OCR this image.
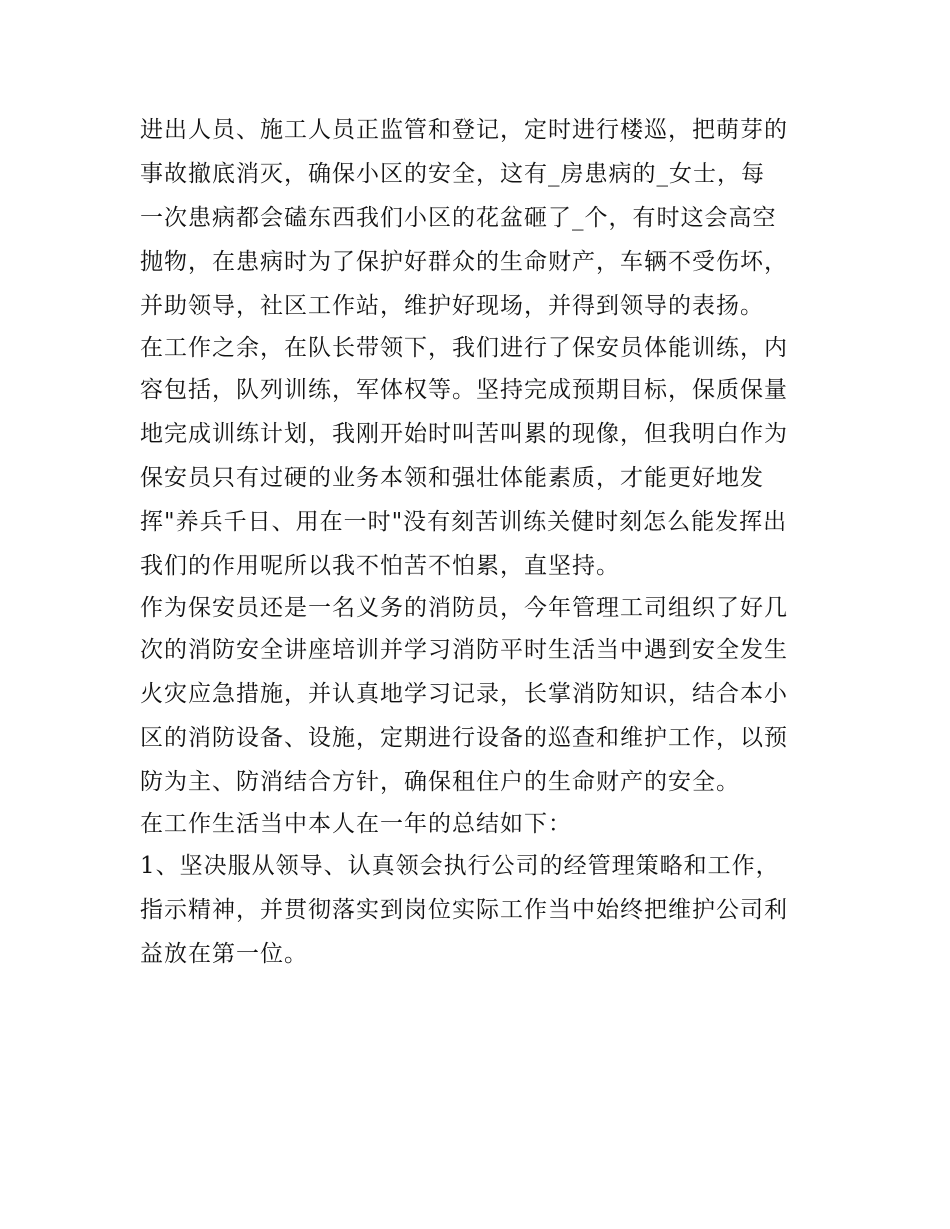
进出人员、施工人员正监管和登记，定时进行楼巡，把萌芽的
事故撤底消灭，确保小区的安全，这有_房患病的_女士，每
一次患病都会磕东西我们小区的花盆砸了_个，有时这会高空
抛物，在患病时为了保护好群众的生命财产，车辆不受伤坏，
并助领导，社区工作站，维护好现场，并得到领导的表扬。
在工作之余，在队长带领下，我们进行了保安员体能训练，内
容包括，队列训练，军体权等。坚持完成预期目标，保质保量
地完成训练计划，我刚开始时叫苦叫累的现像，但我明白作为
保安员只有过硬的业务本领和强壮体能素质，才能更好地发
挥"养兵千日、用在一时"没有刻苦训练关健时刻怎么能发挥出
我们的作用呢所以我不怕苦不怕累，直坚持。
作为保安员还是一名义务的消防员，今年管理工司组织了好几
次的消防安全讲座培训并学习消防平时生活当中遇到安全发生
火灾应急措施，并认真地学习记录，长掌消防知识，结合本小
区的消防设备、设施，定期进行设备的巡查和维护工作，以预
防为主、防消结合方针，确保租住户的生命财产的安全。
在工作生活当中本人在一年的总结如下：
1、坚决服从领导、认真领会执行公司的经管理策略和工作，
指示精神，并贯彻落实到岗位实际工作当中始终把维护公司利
益放在第一位。
